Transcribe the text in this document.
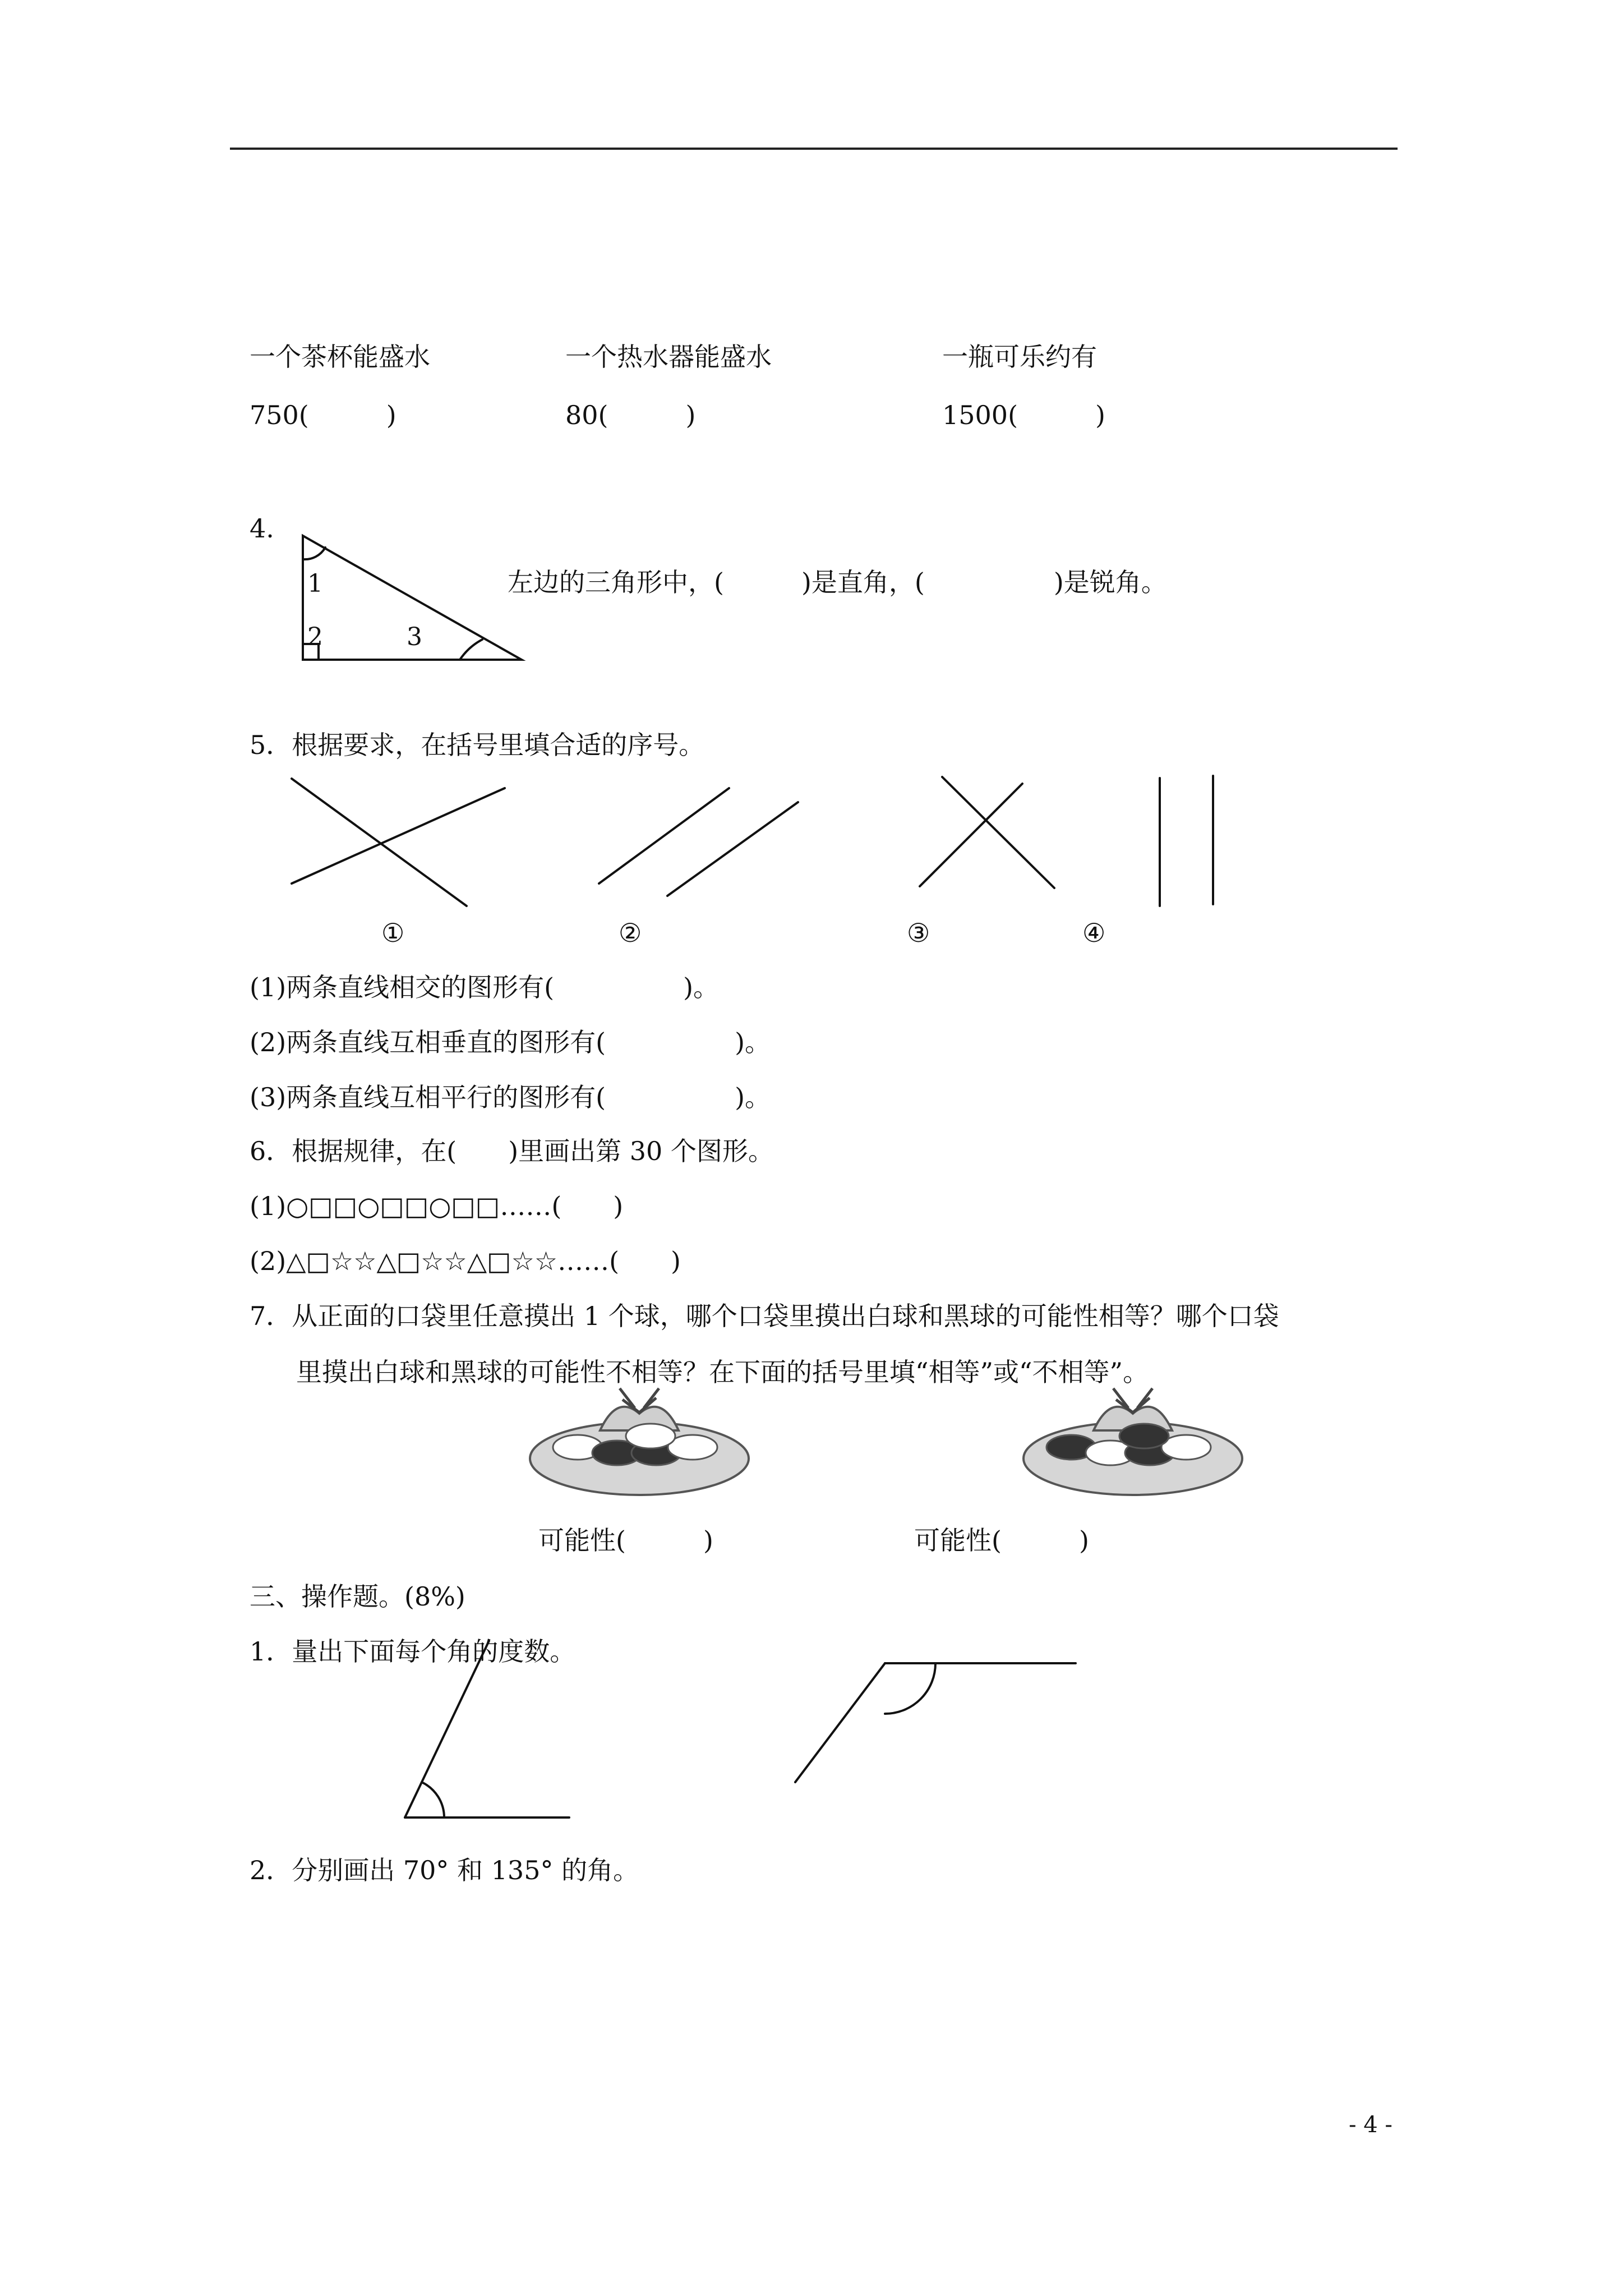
一个茶杯能盛水	一个热水器能盛水	一瓶可乐约有
750(　　　)	80(　　　)	1500(　　　)
4.
1
2	3
左边的三角形中，(　　　)是直角，(　　　　　)是锐角。
5．根据要求，在括号里填合适的序号。
①	②	③	④
(1)两条直线相交的图形有(　　　　　)。
(2)两条直线互相垂直的图形有(　　　　　)。
(3)两条直线互相平行的图形有(　　　　　)。
6．根据规律，在(　　)里画出第 30 个图形。
(1)○□□○□□○□□……(　　)
(2)△□☆☆△□☆☆△□☆☆……(　　)
7．从正面的口袋里任意摸出 1 个球，哪个口袋里摸出白球和黑球的可能性相等？哪个口袋
里摸出白球和黑球的可能性不相等？在下面的括号里填“相等”或“不相等”。
可能性(　　　)	可能性(　　　)
三、操作题。(8%)
1．量出下面每个角的度数。
2．分别画出 70° 和 135° 的角。
- 4 -
